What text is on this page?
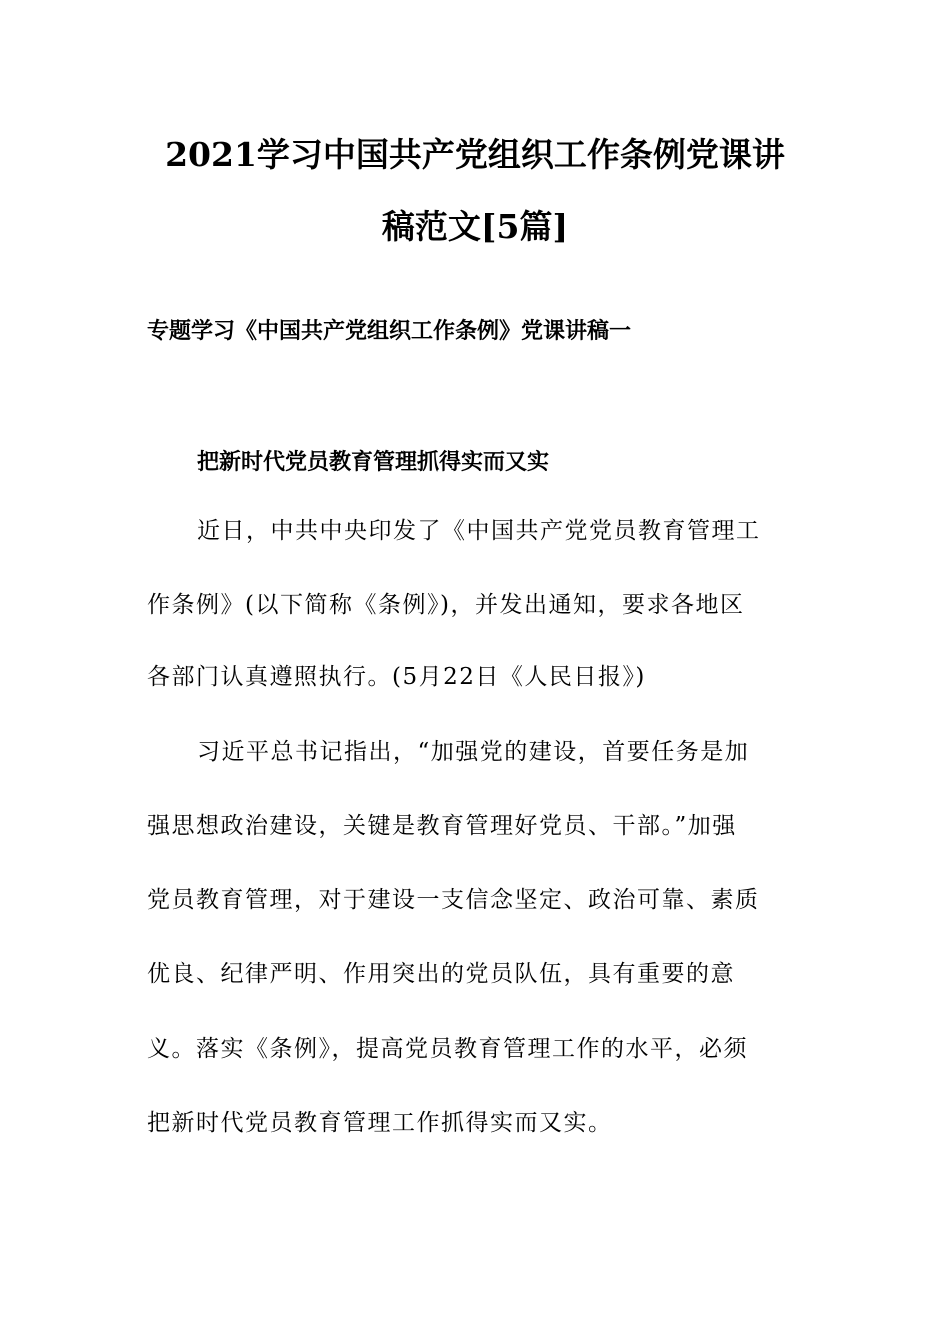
2021学习中国共产党组织工作条例党课讲
稿范文[5篇]
专题学习《中国共产党组织工作条例》党课讲稿一
把新时代党员教育管理抓得实而又实
近日，中共中央印发了《中国共产党党员教育管理工
作条例》(以下简称《条例》)，并发出通知，要求各地区
各部门认真遵照执行。(5月22日《人民日报》)
习近平总书记指出，“加强党的建设，首要任务是加
强思想政治建设，关键是教育管理好党员、干部。”加强
党员教育管理，对于建设一支信念坚定、政治可靠、素质
优良、纪律严明、作用突出的党员队伍，具有重要的意
义。落实《条例》，提高党员教育管理工作的水平，必须
把新时代党员教育管理工作抓得实而又实。
